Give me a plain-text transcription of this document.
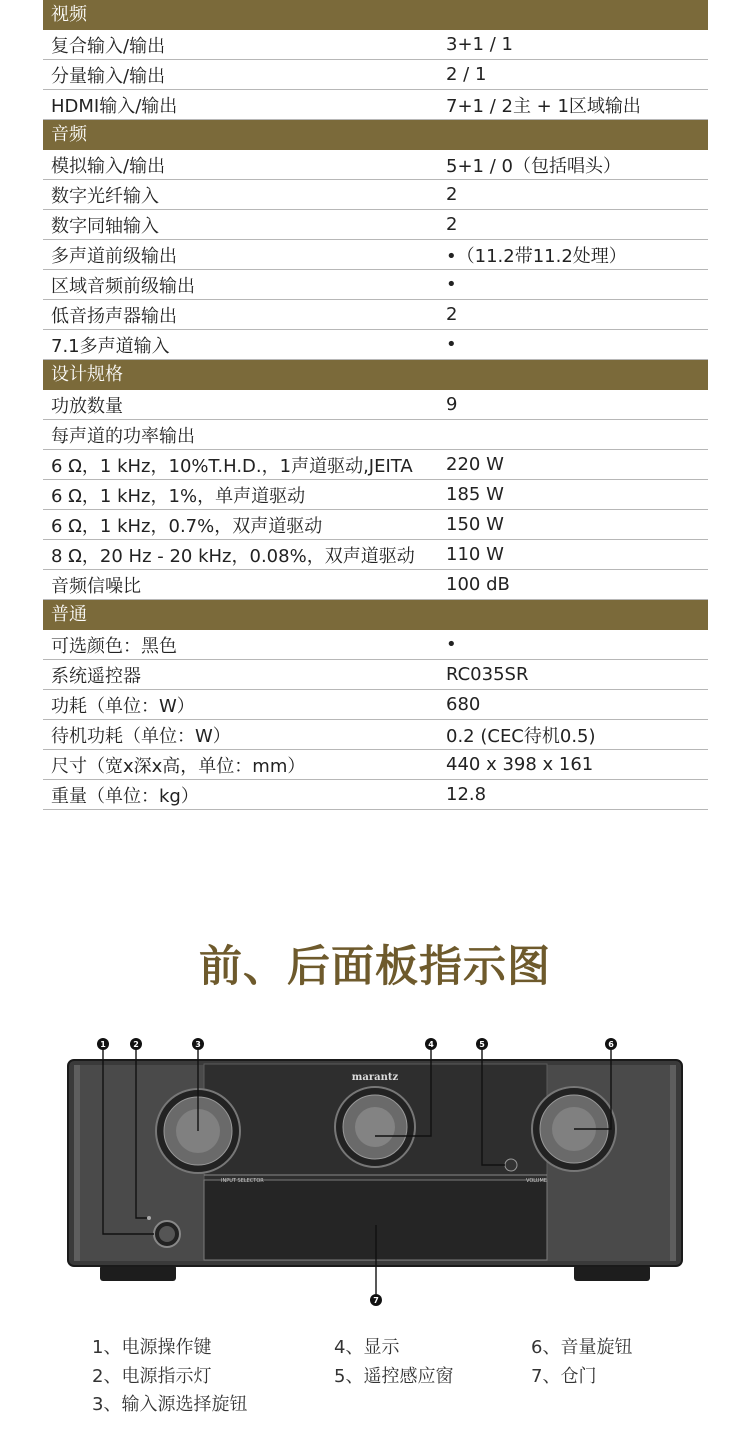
视频
复合输入/输出	3+1 / 1
分量输入/输出	2 / 1
HDMI输入/输出	7+1 / 2主 + 1区域输出
音频
模拟输入/输出	5+1 / 0（包括唱头）
数字光纤输入	2
数字同轴输入	2
多声道前级输出	•（11.2带11.2处理）
区域音频前级输出	•
低音扬声器输出	2
7.1多声道输入	•
设计规格
功放数量	9
每声道的功率输出
6 Ω，1 kHz，10%T.H.D.，1声道驱动,JEITA	220 W
6 Ω，1 kHz，1%，单声道驱动	185 W
6 Ω，1 kHz，0.7%，双声道驱动	150 W
8 Ω，20 Hz - 20 kHz，0.08%，双声道驱动	110 W
音频信噪比	100 dB
普通
可选颜色：黑色	•
系统遥控器	RC035SR
功耗（单位：W）	680
待机功耗（单位：W）	0.2 (CEC待机0.5)
尺寸（宽x深x高，单位：mm）	440 x 398 x 161
重量（单位：kg）	12.8
前、后面板指示图
marantz
INPUT SELECTOR	VOLUME
1	2	3	4	5	6
7
1、电源操作键
2、电源指示灯
3、输入源选择旋钮
4、显示
5、遥控感应窗
6、音量旋钮
7、仓门
